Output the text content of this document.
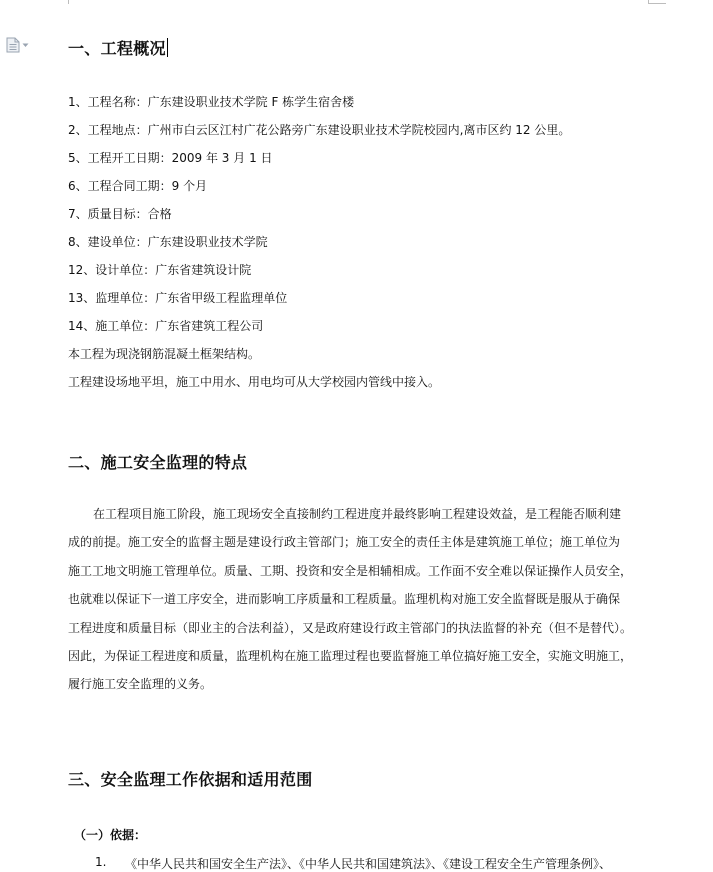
一、工程概况
1、工程名称：广东建设职业技术学院 F 栋学生宿舍楼
2、工程地点：广州市白云区江村广花公路旁广东建设职业技术学院校园内,离市区约 12 公里。
5、工程开工日期：2009 年 3 月 1 日
6、工程合同工期：9 个月
7、质量目标：合格
8、建设单位：广东建设职业技术学院
12、设计单位：广东省建筑设计院
13、监理单位：广东省甲级工程监理单位
14、施工单位：广东省建筑工程公司
本工程为现浇钢筋混凝土框架结构。
工程建设场地平坦，施工中用水、用电均可从大学校园内管线中接入。
二、施工安全监理的特点
在工程项目施工阶段，施工现场安全直接制约工程进度并最终影响工程建设效益，是工程能否顺利建
成的前提。施工安全的监督主题是建设行政主管部门；施工安全的责任主体是建筑施工单位；施工单位为
施工工地文明施工管理单位。质量、工期、投资和安全是相辅相成。工作面不安全难以保证操作人员安全，
也就难以保证下一道工序安全，进而影响工序质量和工程质量。监理机构对施工安全监督既是服从于确保
工程进度和质量目标（即业主的合法利益），又是政府建设行政主管部门的执法监督的补充（但不是替代）。
因此，为保证工程进度和质量，监理机构在施工监理过程也要监督施工单位搞好施工安全，实施文明施工，
履行施工安全监理的义务。
三、安全监理工作依据和适用范围
（一）依据：
1. 《中华人民共和国安全生产法》、《中华人民共和国建筑法》、《建设工程安全生产管理条例》、
